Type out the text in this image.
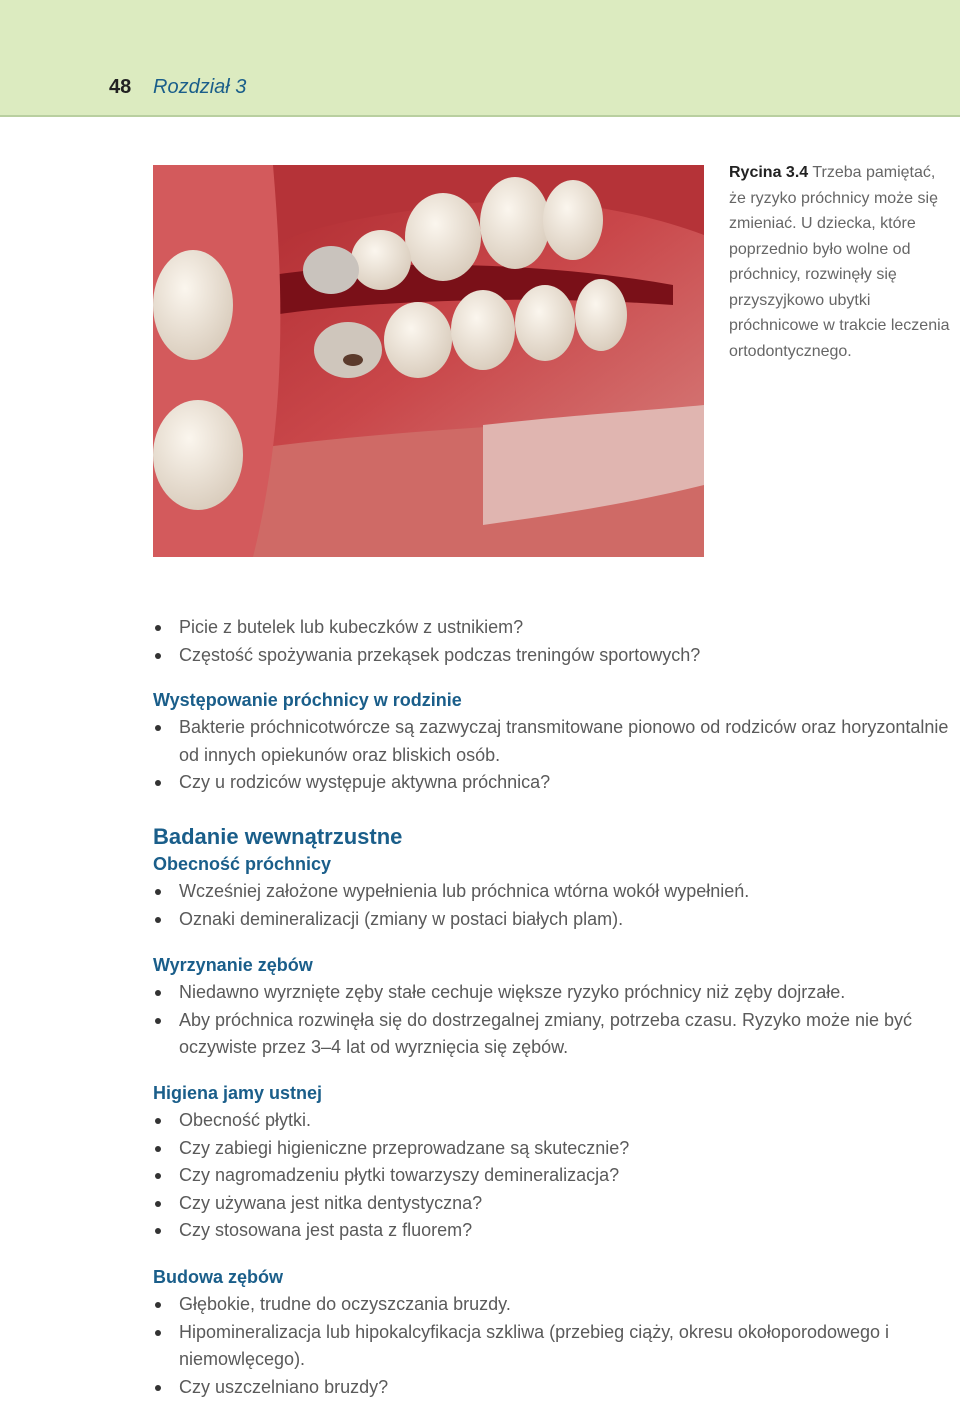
48 Rozdział 3
Rycina 3.4 Trzeba pamiętać, że ryzyko próchnicy może się zmieniać. U dziecka, które poprzednio było wolne od próchnicy, rozwinęły się przyszyjkowo ubytki próchnicowe w trakcie leczenia ortodontycznego.
Picie z butelek lub kubeczków z ustnikiem?
Częstość spożywania przekąsek podczas treningów sportowych?
Występowanie próchnicy w rodzinie
Bakterie próchnicotwórcze są zazwyczaj transmitowane pionowo od rodziców oraz horyzontalnie od innych opiekunów oraz bliskich osób.
Czy u rodziców występuje aktywna próchnica?
Badanie wewnątrzustne
Obecność próchnicy
Wcześniej założone wypełnienia lub próchnica wtórna wokół wypełnień.
Oznaki demineralizacji (zmiany w postaci białych plam).
Wyrzynanie zębów
Niedawno wyrznięte zęby stałe cechuje większe ryzyko próchnicy niż zęby dojrzałe.
Aby próchnica rozwinęła się do dostrzegalnej zmiany, potrzeba czasu. Ryzyko może nie być oczywiste przez 3–4 lat od wyrznięcia się zębów.
Higiena jamy ustnej
Obecność płytki.
Czy zabiegi higieniczne przeprowadzane są skutecznie?
Czy nagromadzeniu płytki towarzyszy demineralizacja?
Czy używana jest nitka dentystyczna?
Czy stosowana jest pasta z fluorem?
Budowa zębów
Głębokie, trudne do oczyszczania bruzdy.
Hipomineralizacja lub hipokalcyfikacja szkliwa (przebieg ciąży, okresu okołoporodowego i niemowlęcego).
Czy uszczelniano bruzdy?
